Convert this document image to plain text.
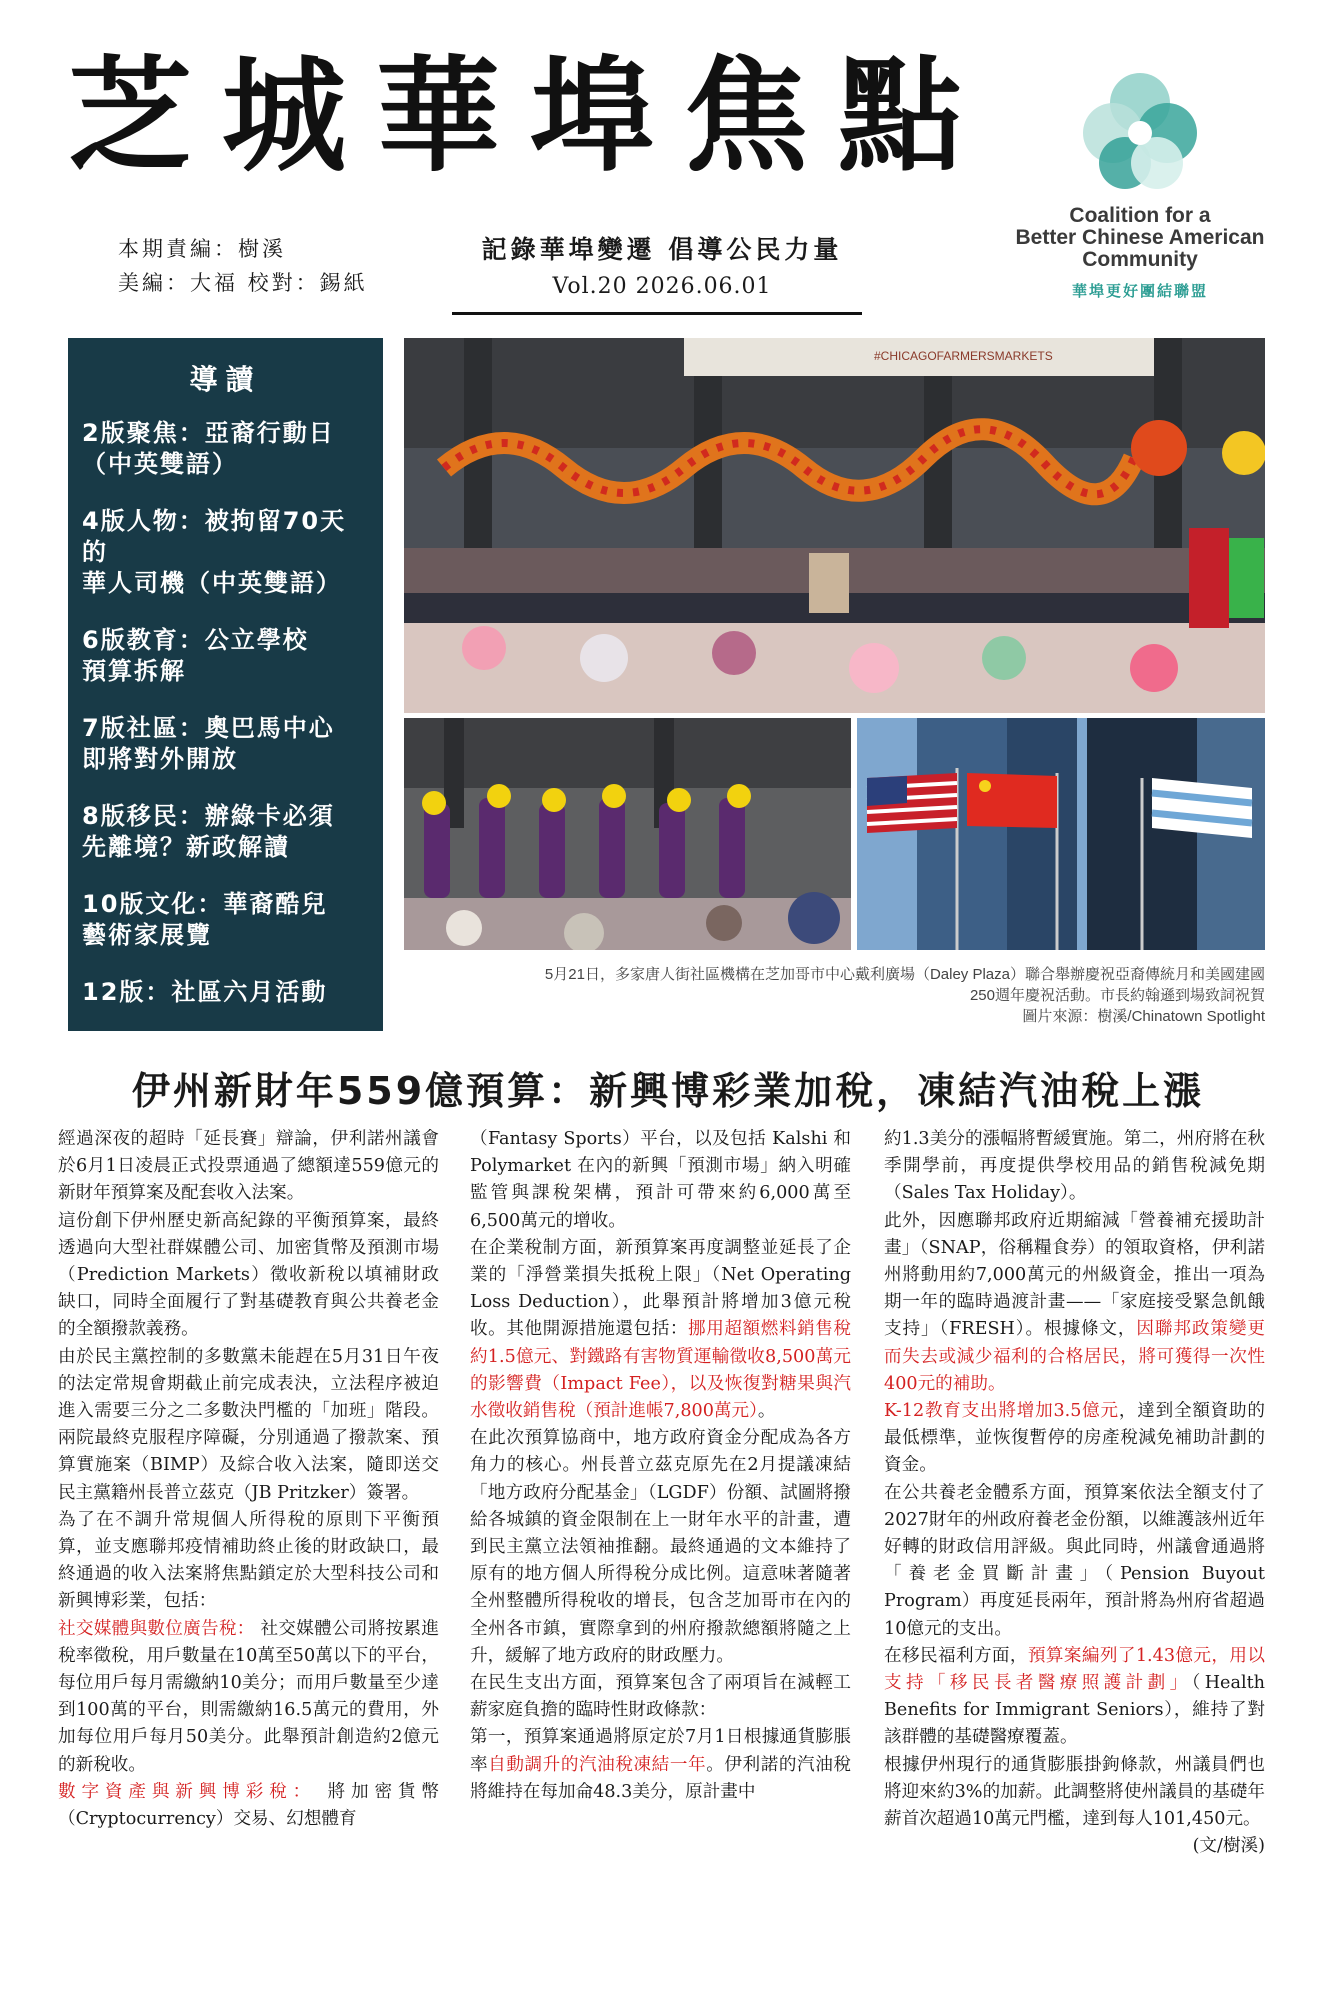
芝城華埠焦點
本期責編：樹溪
美編：大福 校對：錫紙
記錄華埠變遷 倡導公民力量
Vol.20 2026.06.01
Coalition for a
Better Chinese American
Community
華埠更好團結聯盟
導讀
2版聚焦：亞裔行動日
（中英雙語）
4版人物：被拘留70天的
華人司機（中英雙語）
6版教育：公立學校
預算拆解
7版社區：奧巴馬中心
即將對外開放
8版移民：辦綠卡必須
先離境？新政解讀
10版文化：華裔酷兒
藝術家展覽
12版：社區六月活動
#CHICAGOFARMERSMARKETS
5月21日，多家唐人街社區機構在芝加哥市中心戴利廣場（Daley Plaza）聯合舉辦慶祝亞裔傳統月和美國建國
250週年慶祝活動。市長約翰遜到場致詞祝賀
圖片來源：樹溪/Chinatown Spotlight
伊州新財年559億預算：新興博彩業加稅，凍結汽油稅上漲

經過深夜的超時「延長賽」辯論，伊利諾州議會於6月1日凌晨正式投票通過了總額達559億元的新財年預算案及配套收入法案。

這份創下伊州歷史新高紀錄的平衡預算案，最終透過向大型社群媒體公司、加密貨幣及預測市場（Prediction Markets）徵收新稅以填補財政缺口，同時全面履行了對基礎教育與公共養老金的全額撥款義務。

由於民主黨控制的多數黨未能趕在5月31日午夜的法定常規會期截止前完成表決，立法程序被迫進入需要三分之二多數決門檻的「加班」階段。兩院最終克服程序障礙，分別通過了撥款案、預算實施案（BIMP）及綜合收入法案，隨即送交民主黨籍州長普立茲克（JB Pritzker）簽署。

為了在不調升常規個人所得稅的原則下平衡預算，並支應聯邦疫情補助終止後的財政缺口，最終通過的收入法案將焦點鎖定於大型科技公司和新興博彩業，包括：

社交媒體與數位廣告稅： 社交媒體公司將按累進稅率徵稅，用戶數量在10萬至50萬以下的平台，每位用戶每月需繳納10美分；而用戶數量至少達到100萬的平台，則需繳納16.5萬元的費用，外加每位用戶每月50美分。此舉預計創造約2億元的新稅收。

數字資產與新興博彩稅： 將加密貨幣（Cryptocurrency）交易、幻想體育

（Fantasy Sports）平台，以及包括 Kalshi 和 Polymarket 在內的新興「預測市場」納入明確監管與課稅架構，預計可帶來約6,000萬至6,500萬元的增收。

在企業稅制方面，新預算案再度調整並延長了企業的「淨營業損失抵稅上限」（Net Operating Loss Deduction），此舉預計將增加3億元稅收。其他開源措施還包括：挪用超額燃料銷售稅約1.5億元、對鐵路有害物質運輸徵收8,500萬元的影響費（Impact Fee），以及恢復對糖果與汽水徵收銷售稅（預計進帳7,800萬元）。

在此次預算協商中，地方政府資金分配成為各方角力的核心。州長普立茲克原先在2月提議凍結「地方政府分配基金」（LGDF）份額、試圖將撥給各城鎮的資金限制在上一財年水平的計畫，遭到民主黨立法領袖推翻。最終通過的文本維持了原有的地方個人所得稅分成比例。這意味著隨著全州整體所得稅收的增長，包含芝加哥市在內的全州各市鎮，實際拿到的州府撥款總額將隨之上升，緩解了地方政府的財政壓力。

在民生支出方面，預算案包含了兩項旨在減輕工薪家庭負擔的臨時性財政條款：

第一，預算案通過將原定於7月1日根據通貨膨脹率自動調升的汽油稅凍結一年。伊利諾的汽油稅將維持在每加侖48.3美分，原計畫中

約1.3美分的漲幅將暫緩實施。第二，州府將在秋季開學前，再度提供學校用品的銷售稅減免期（Sales Tax Holiday）。

此外，因應聯邦政府近期縮減「營養補充援助計畫」（SNAP，俗稱糧食券）的領取資格，伊利諾州將動用約7,000萬元的州級資金，推出一項為期一年的臨時過渡計畫——「家庭接受緊急飢餓支持」（FRESH）。根據條文，因聯邦政策變更而失去或減少福利的合格居民，將可獲得一次性400元的補助。

K-12教育支出將增加3.5億元，達到全額資助的最低標準，並恢復暫停的房產稅減免補助計劃的資金。

在公共養老金體系方面，預算案依法全額支付了2027財年的州政府養老金份額，以維護該州近年好轉的財政信用評級。與此同時，州議會通過將「養老金買斷計畫」（Pension Buyout Program）再度延長兩年，預計將為州府省超過10億元的支出。

在移民福利方面，預算案編列了1.43億元，用以支持「移民長者醫療照護計劃」（Health Benefits for Immigrant Seniors），維持了對該群體的基礎醫療覆蓋。

根據伊州現行的通貨膨脹掛鉤條款，州議員們也將迎來約3%的加薪。此調整將使州議員的基礎年薪首次超過10萬元門檻，達到每人101,450元。
(文/樹溪)
